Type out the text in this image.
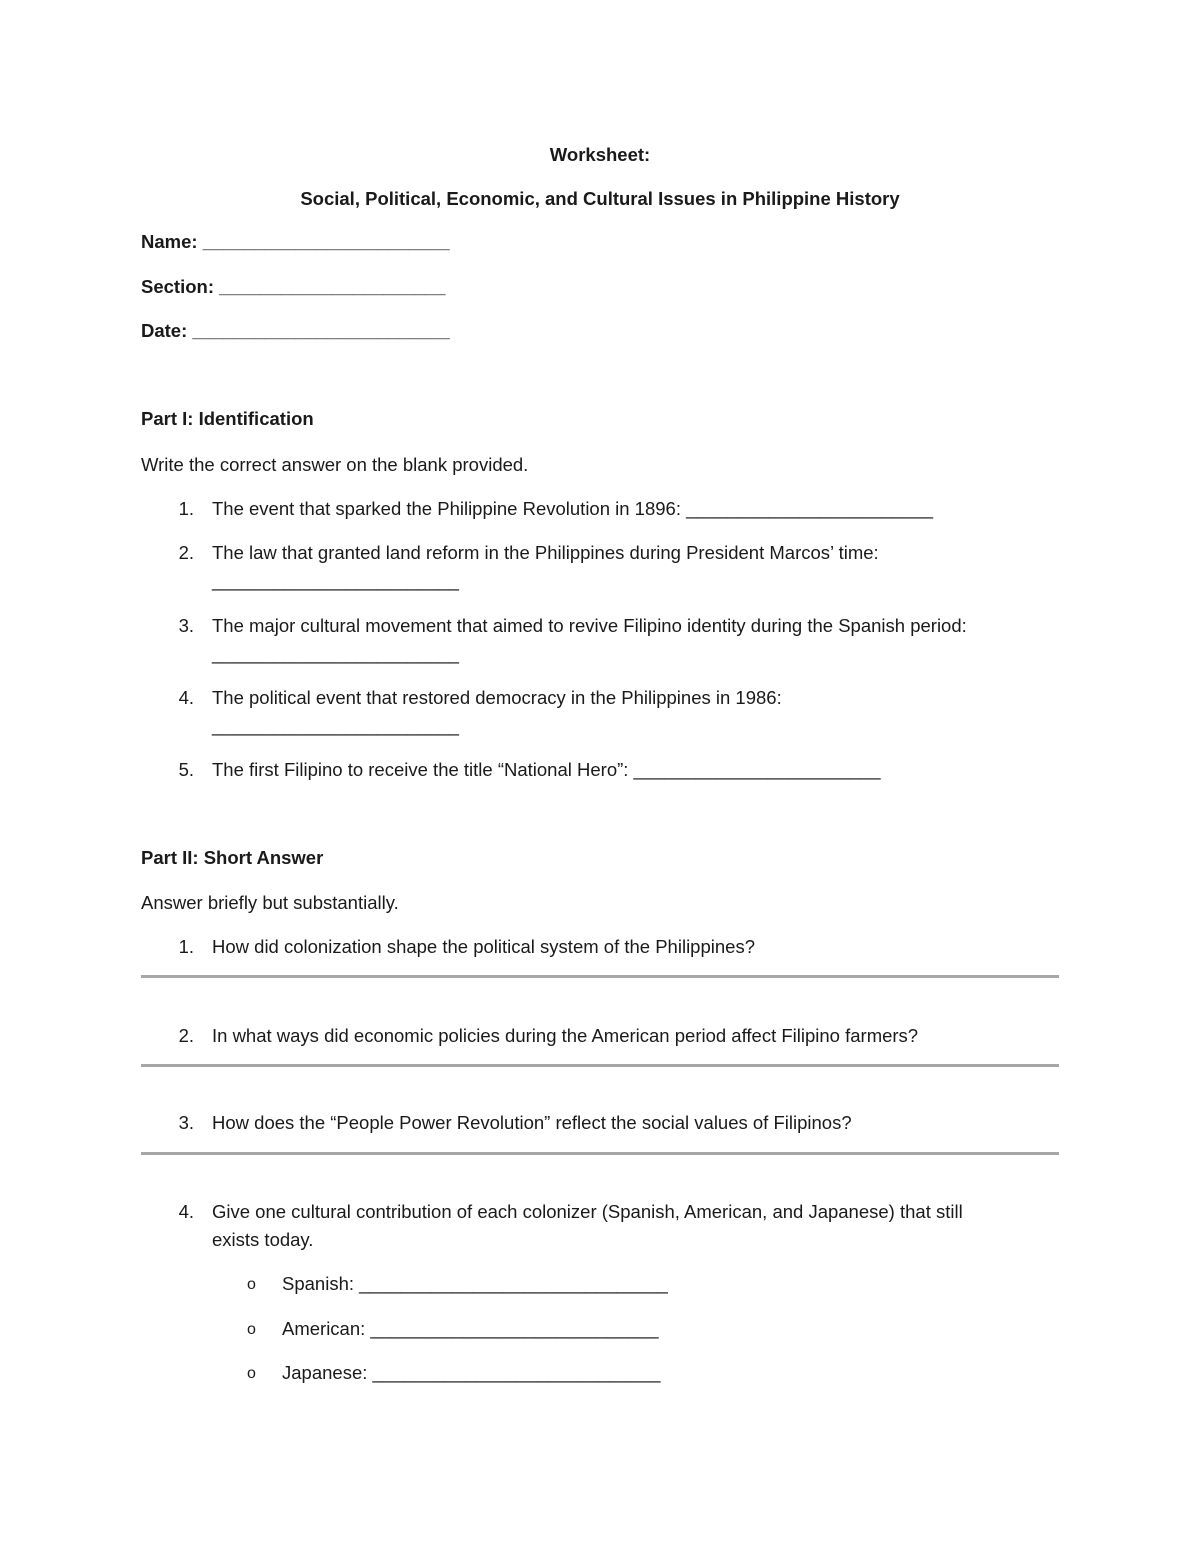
Worksheet:
Social, Political, Economic, and Cultural Issues in Philippine History
Name: ________________________
Section: ______________________
Date: _________________________
Part I: Identification
Write the correct answer on the blank provided.
1. The event that sparked the Philippine Revolution in 1896: ________________________
2. The law that granted land reform in the Philippines during President Marcos’ time:
________________________
3. The major cultural movement that aimed to revive Filipino identity during the Spanish period:
________________________
4. The political event that restored democracy in the Philippines in 1986:
________________________
5. The first Filipino to receive the title “National Hero”: ________________________
Part II: Short Answer
Answer briefly but substantially.
1. How did colonization shape the political system of the Philippines?
2. In what ways did economic policies during the American period affect Filipino farmers?
3. How does the “People Power Revolution” reflect the social values of Filipinos?
4. Give one cultural contribution of each colonizer (Spanish, American, and Japanese) that still
exists today.
o Spanish: ______________________________
o American: ____________________________
o Japanese: ____________________________
